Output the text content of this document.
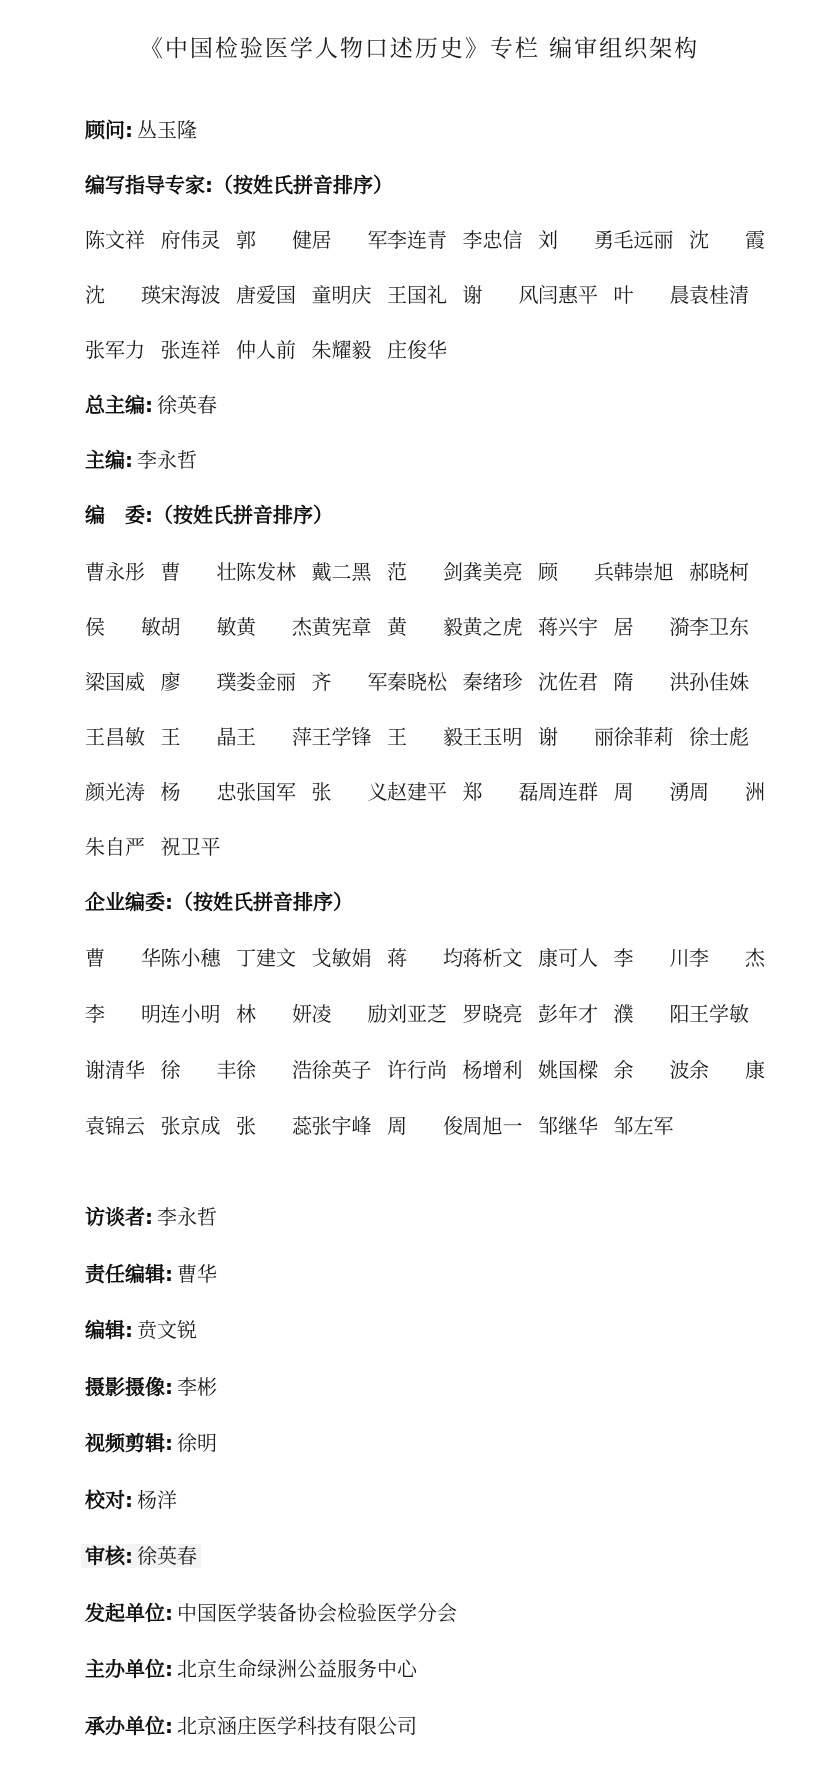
《中国检验医学人物口述历史》专栏 编审组织架构
顾问: 丛玉隆
编写指导专家:（按姓氏拼音排序）
陈文祥 府伟灵 郭 健 居 军 李连青 李忠信 刘 勇 毛远丽 沈 霞
沈 瑛 宋海波 唐爱国 童明庆 王国礼 谢 风 闫惠平 叶 晨 袁桂清
张军力 张连祥 仲人前 朱耀毅 庄俊华
总主编: 徐英春
主编: 李永哲
编　委:（按姓氏拼音排序）
曹永彤 曹 壮 陈发林 戴二黑 范 剑 龚美亮 顾 兵 韩崇旭 郝晓柯
侯 敏 胡 敏 黄 杰 黄宪章 黄 毅 黄之虎 蒋兴宇 居 漪 李卫东
梁国威 廖 璞 娄金丽 齐 军 秦晓松 秦绪珍 沈佐君 隋 洪 孙佳姝
王昌敏 王 晶 王 萍 王学锋 王 毅 王玉明 谢 丽 徐菲莉 徐士彪
颜光涛 杨 忠 张国军 张 义 赵建平 郑 磊 周连群 周 湧 周 洲
朱自严 祝卫平
企业编委:（按姓氏拼音排序）
曹 华 陈小穗 丁建文 戈敏娟 蒋 均 蒋析文 康可人 李 川 李 杰
李 明 连小明 林 妍 凌 励 刘亚芝 罗晓亮 彭年才 濮 阳 王学敏
谢清华 徐 丰 徐 浩 徐英子 许行尚 杨增利 姚国樑 余 波 余 康
袁锦云 张京成 张 蕊 张宇峰 周 俊 周旭一 邹继华 邹左军
访谈者: 李永哲
责任编辑: 曹华
编辑: 贲文锐
摄影摄像: 李彬
视频剪辑: 徐明
校对: 杨洋
审核: 徐英春
发起单位: 中国医学装备协会检验医学分会
主办单位: 北京生命绿洲公益服务中心
承办单位: 北京涵庄医学科技有限公司
